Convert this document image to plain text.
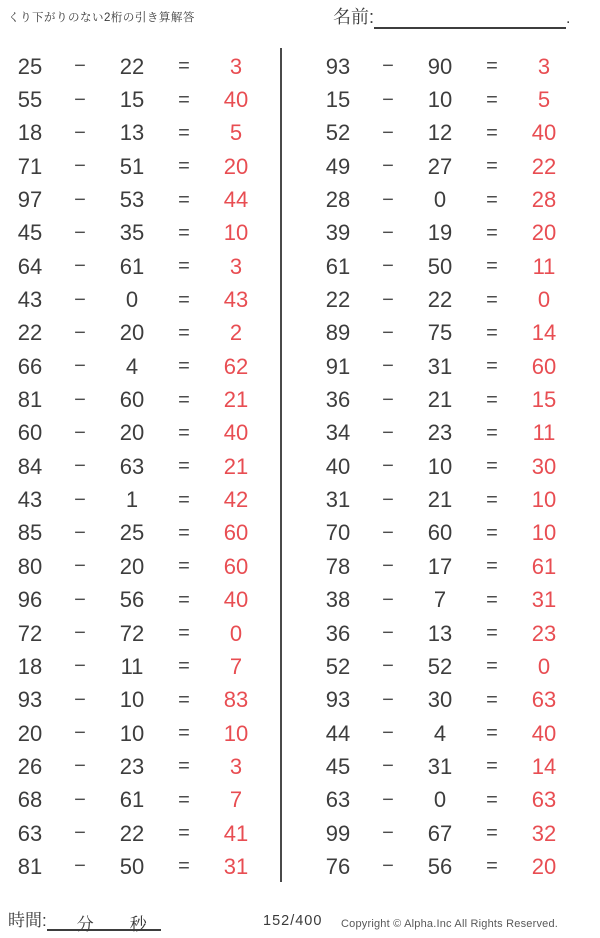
くり下がりのない2桁の引き算解答	名前:	.
25	−	22	=	3
55	−	15	=	40
18	−	13	=	5
71	−	51	=	20
97	−	53	=	44
45	−	35	=	10
64	−	61	=	3
43	−	0	=	43
22	−	20	=	2
66	−	4	=	62
81	−	60	=	21
60	−	20	=	40
84	−	63	=	21
43	−	1	=	42
85	−	25	=	60
80	−	20	=	60
96	−	56	=	40
72	−	72	=	0
18	−	11	=	7
93	−	10	=	83
20	−	10	=	10
26	−	23	=	3
68	−	61	=	7
63	−	22	=	41
81	−	50	=	31
93	−	90	=	3
15	−	10	=	5
52	−	12	=	40
49	−	27	=	22
28	−	0	=	28
39	−	19	=	20
61	−	50	=	11
22	−	22	=	0
89	−	75	=	14
91	−	31	=	60
36	−	21	=	15
34	−	23	=	11
40	−	10	=	30
31	−	21	=	10
70	−	60	=	10
78	−	17	=	61
38	−	7	=	31
36	−	13	=	23
52	−	52	=	0
93	−	30	=	63
44	−	4	=	40
45	−	31	=	14
63	−	0	=	63
99	−	67	=	32
76	−	56	=	20
時間: 分 秒	152/400 Copyright © Alpha.Inc All Rights Reserved.
